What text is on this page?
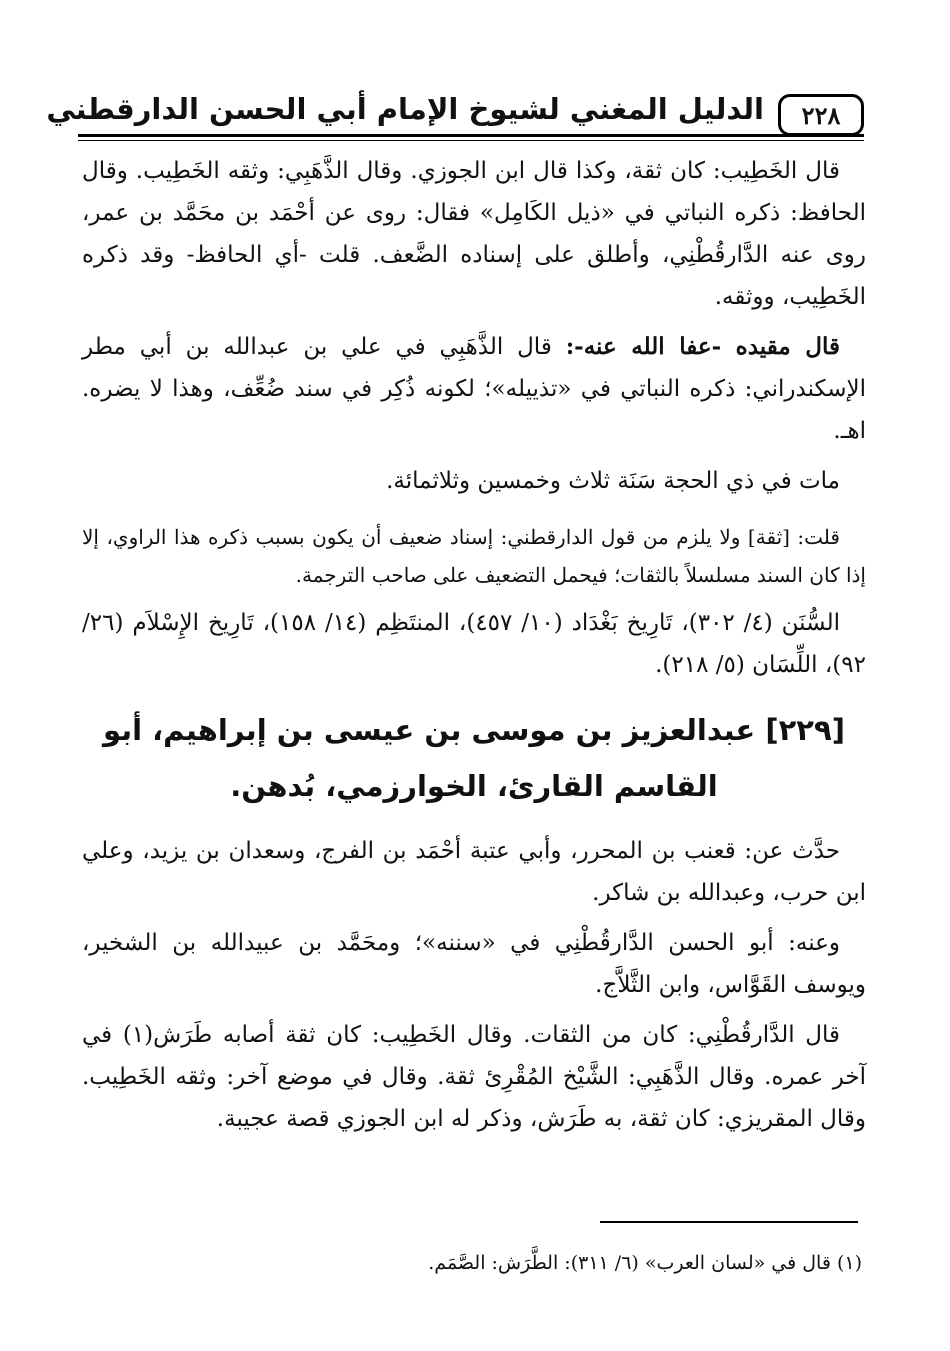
٢٢٨
الدليل المغني لشيوخ الإمام أبي الحسن الدارقطني

قال الخَطِيب: كان ثقة، وكذا قال ابن الجوزي. وقال الذَّهَبِي: وثقه الخَطِيب. وقال الحافظ: ذكره النباتي في «ذيل الكَامِل» فقال: روى عن أحْمَد بن محَمَّد بن عمر، روى عنه الدَّارقُطْنِي، وأطلق على إسناده الضَّعف. قلت -أي الحافظ- وقد ذكره الخَطِيب، ووثقه.

قال مقيده -عفا الله عنه-: قال الذَّهَبِي في علي بن عبدالله بن أبي مطر الإسكندراني: ذكره النباتي في «تذييله»؛ لكونه ذُكِر في سند ضُعِّف، وهذا لا يضره. اهـ.

مات في ذي الحجة سَنَة ثلاث وخمسين وثلاثمائة.

قلت: [ثقة] ولا يلزم من قول الدارقطني: إسناد ضعيف أن يكون بسبب ذكره هذا الراوي، إلا إذا كان السند مسلسلاً بالثقات؛ فيحمل التضعيف على صاحب الترجمة.

السُّنَن (٤/ ٣٠٢)، تَارِيخ بَغْدَاد (١٠/ ٤٥٧)، المنتَظِم (١٤/ ١٥٨)، تَارِيخ الإِسْلاَم (٢٦/ ٩٢)، اللِّسَان (٥/ ٢١٨).

[٢٢٩] عبدالعزيز بن موسى بن عيسى بن إبراهيم، أبو القاسم القارئ، الخوارزمي، بُدهن.

حدَّث عن: قعنب بن المحرر، وأبي عتبة أحْمَد بن الفرج، وسعدان بن يزيد، وعلي ابن حرب، وعبدالله بن شاكر.

وعنه: أبو الحسن الدَّارقُطْنِي في «سننه»؛ ومحَمَّد بن عبيدالله بن الشخير، ويوسف القَوَّاس، وابن الثَّلاَّج.

قال الدَّارقُطْنِي: كان من الثقات. وقال الخَطِيب: كان ثقة أصابه طَرَش(١) في آخر عمره. وقال الذَّهَبِي: الشَّيْخ المُقْرِئ ثقة. وقال في موضع آخر: وثقه الخَطِيب. وقال المقريزي: كان ثقة، به طَرَش، وذكر له ابن الجوزي قصة عجيبة.

(١) قال في «لسان العرب» (٦/ ٣١١): الطَّرَش: الصَّمَم.
